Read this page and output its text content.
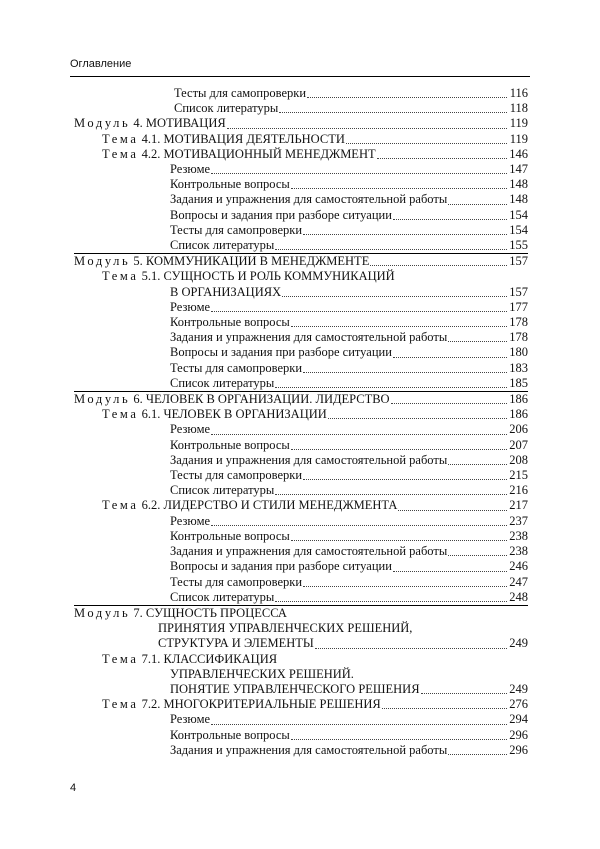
Оглавление
Тесты для самопроверки	116
Список литературы	118
Модуль 4. МОТИВАЦИЯ	119
Тема 4.1. МОТИВАЦИЯ ДЕЯТЕЛЬНОСТИ	119
Тема 4.2. МОТИВАЦИОННЫЙ МЕНЕДЖМЕНТ	146
Резюме	147
Контрольные вопросы	148
Задания и упражнения для самостоятельной работы	148
Вопросы и задания при разборе ситуации	154
Тесты для самопроверки	154
Список литературы	155
Модуль 5. КОММУНИКАЦИИ В МЕНЕДЖМЕНТЕ	157
Тема 5.1. СУЩНОСТЬ И РОЛЬ КОММУНИКАЦИЙ
В ОРГАНИЗАЦИЯХ	157
Резюме	177
Контрольные вопросы	178
Задания и упражнения для самостоятельной работы	178
Вопросы и задания при разборе ситуации	180
Тесты для самопроверки	183
Список литературы	185
Модуль 6. ЧЕЛОВЕК В ОРГАНИЗАЦИИ. ЛИДЕРСТВО	186
Тема 6.1. ЧЕЛОВЕК В ОРГАНИЗАЦИИ	186
Резюме	206
Контрольные вопросы	207
Задания и упражнения для самостоятельной работы	208
Тесты для самопроверки	215
Список литературы	216
Тема 6.2. ЛИДЕРСТВО И СТИЛИ МЕНЕДЖМЕНТА	217
Резюме	237
Контрольные вопросы	238
Задания и упражнения для самостоятельной работы	238
Вопросы и задания при разборе ситуации	246
Тесты для самопроверки	247
Список литературы	248
Модуль 7. СУЩНОСТЬ ПРОЦЕССА
ПРИНЯТИЯ УПРАВЛЕНЧЕСКИХ РЕШЕНИЙ,
СТРУКТУРА И ЭЛЕМЕНТЫ	249
Тема 7.1. КЛАССИФИКАЦИЯ
УПРАВЛЕНЧЕСКИХ РЕШЕНИЙ.
ПОНЯТИЕ УПРАВЛЕНЧЕСКОГО РЕШЕНИЯ	249
Тема 7.2. МНОГОКРИТЕРИАЛЬНЫЕ РЕШЕНИЯ	276
Резюме	294
Контрольные вопросы	296
Задания и упражнения для самостоятельной работы	296
4
